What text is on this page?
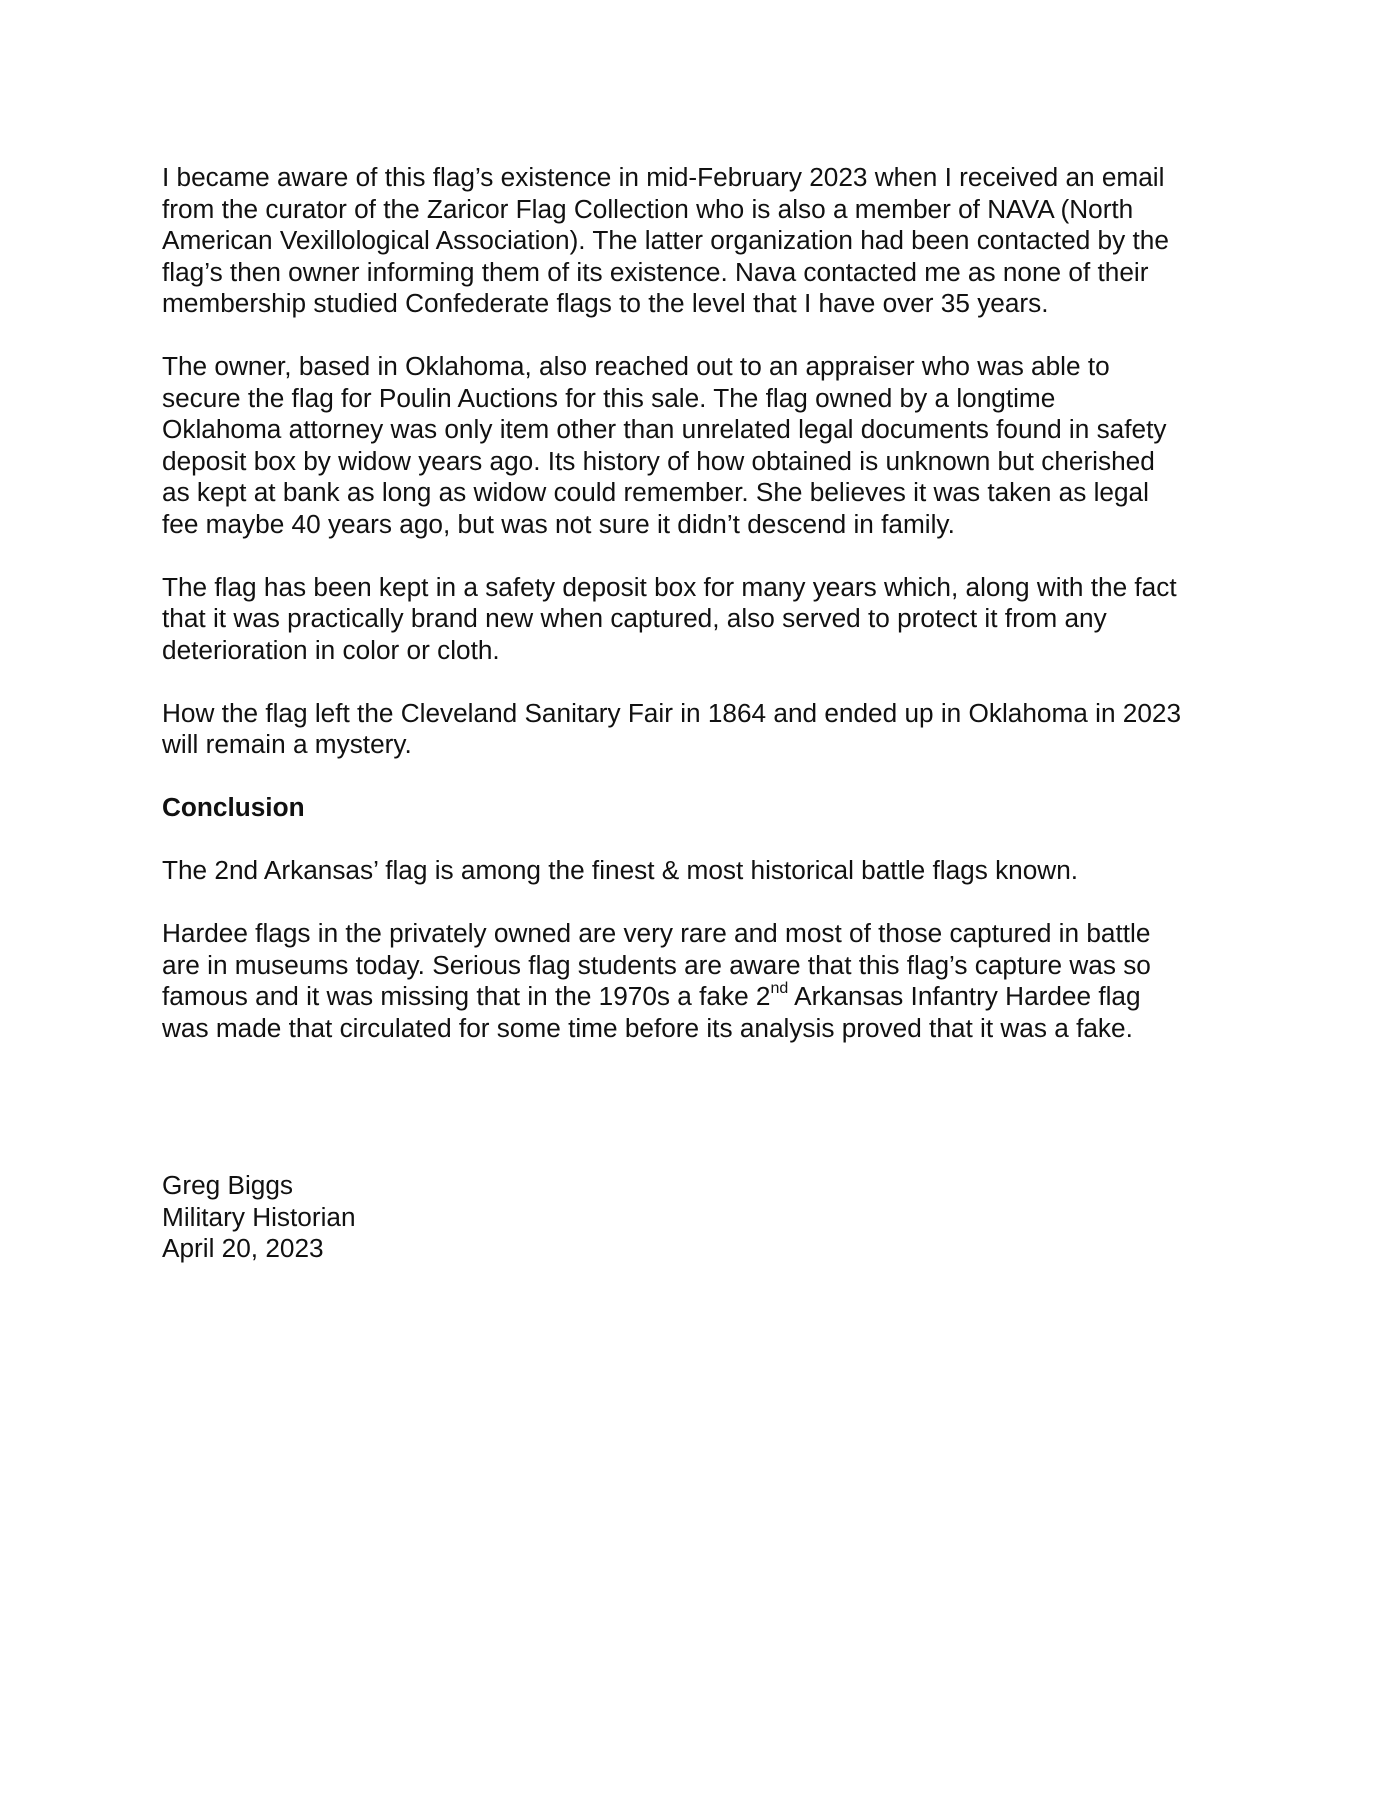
I became aware of this flag’s existence in mid-February 2023 when I received an email
from the curator of the Zaricor Flag Collection who is also a member of NAVA (North
American Vexillological Association). The latter organization had been contacted by the
flag’s then owner informing them of its existence. Nava contacted me as none of their
membership studied Confederate flags to the level that I have over 35 years.

The owner, based in Oklahoma, also reached out to an appraiser who was able to
secure the flag for Poulin Auctions for this sale. The flag owned by a longtime
Oklahoma attorney was only item other than unrelated legal documents found in safety
deposit box by widow years ago. Its history of how obtained is unknown but cherished
as kept at bank as long as widow could remember. She believes it was taken as legal
fee maybe 40 years ago, but was not sure it didn’t descend in family.

The flag has been kept in a safety deposit box for many years which, along with the fact
that it was practically brand new when captured, also served to protect it from any
deterioration in color or cloth.

How the flag left the Cleveland Sanitary Fair in 1864 and ended up in Oklahoma in 2023
will remain a mystery.

Conclusion

The 2nd Arkansas’ flag is among the finest & most historical battle flags known.

Hardee flags in the privately owned are very rare and most of those captured in battle
are in museums today. Serious flag students are aware that this flag’s capture was so
famous and it was missing that in the 1970s a fake 2nd Arkansas Infantry Hardee flag
was made that circulated for some time before its analysis proved that it was a fake.

Greg Biggs
Military Historian
April 20, 2023
